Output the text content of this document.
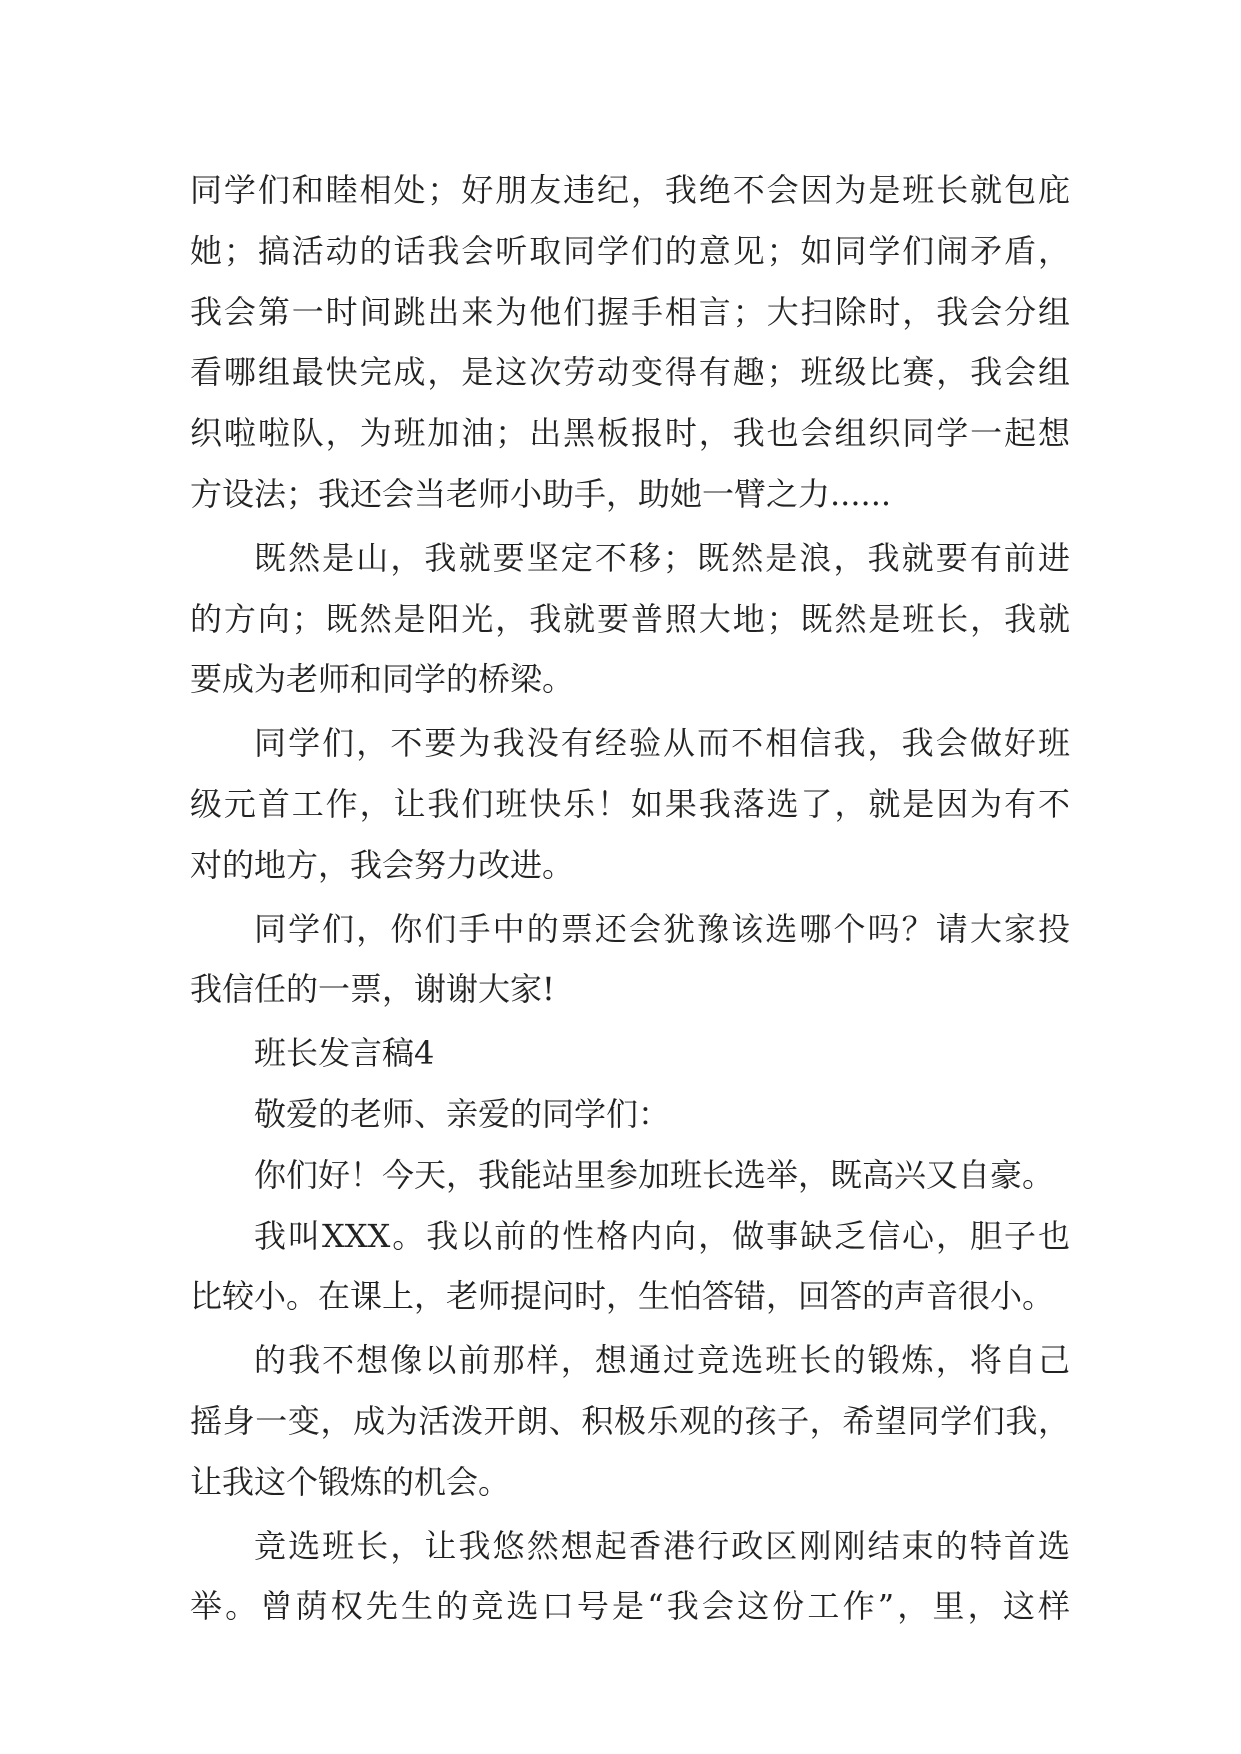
同学们和睦相处；好朋友违纪，我绝不会因为是班长就包庇
她；搞活动的话我会听取同学们的意见；如同学们闹矛盾，
我会第一时间跳出来为他们握手相言；大扫除时，我会分组
看哪组最快完成，是这次劳动变得有趣；班级比赛，我会组
织啦啦队，为班加油；出黑板报时，我也会组织同学一起想
方设法；我还会当老师小助手，助她一臂之力......
既然是山，我就要坚定不移；既然是浪，我就要有前进
的方向；既然是阳光，我就要普照大地；既然是班长，我就
要成为老师和同学的桥梁。
同学们，不要为我没有经验从而不相信我，我会做好班
级元首工作，让我们班快乐！如果我落选了，就是因为有不
对的地方，我会努力改进。
同学们，你们手中的票还会犹豫该选哪个吗？请大家投
我信任的一票，谢谢大家!
班长发言稿4
敬爱的老师、亲爱的同学们：
你们好！今天，我能站里参加班长选举，既高兴又自豪。
我叫XXX。我以前的性格内向，做事缺乏信心，胆子也
比较小。在课上，老师提问时，生怕答错，回答的声音很小。
的我不想像以前那样，想通过竞选班长的锻炼，将自己
摇身一变，成为活泼开朗、积极乐观的孩子，希望同学们我，
让我这个锻炼的机会。
竞选班长，让我悠然想起香港行政区刚刚结束的特首选
举。曾荫权先生的竞选口号是“我会这份工作”，里，这样
